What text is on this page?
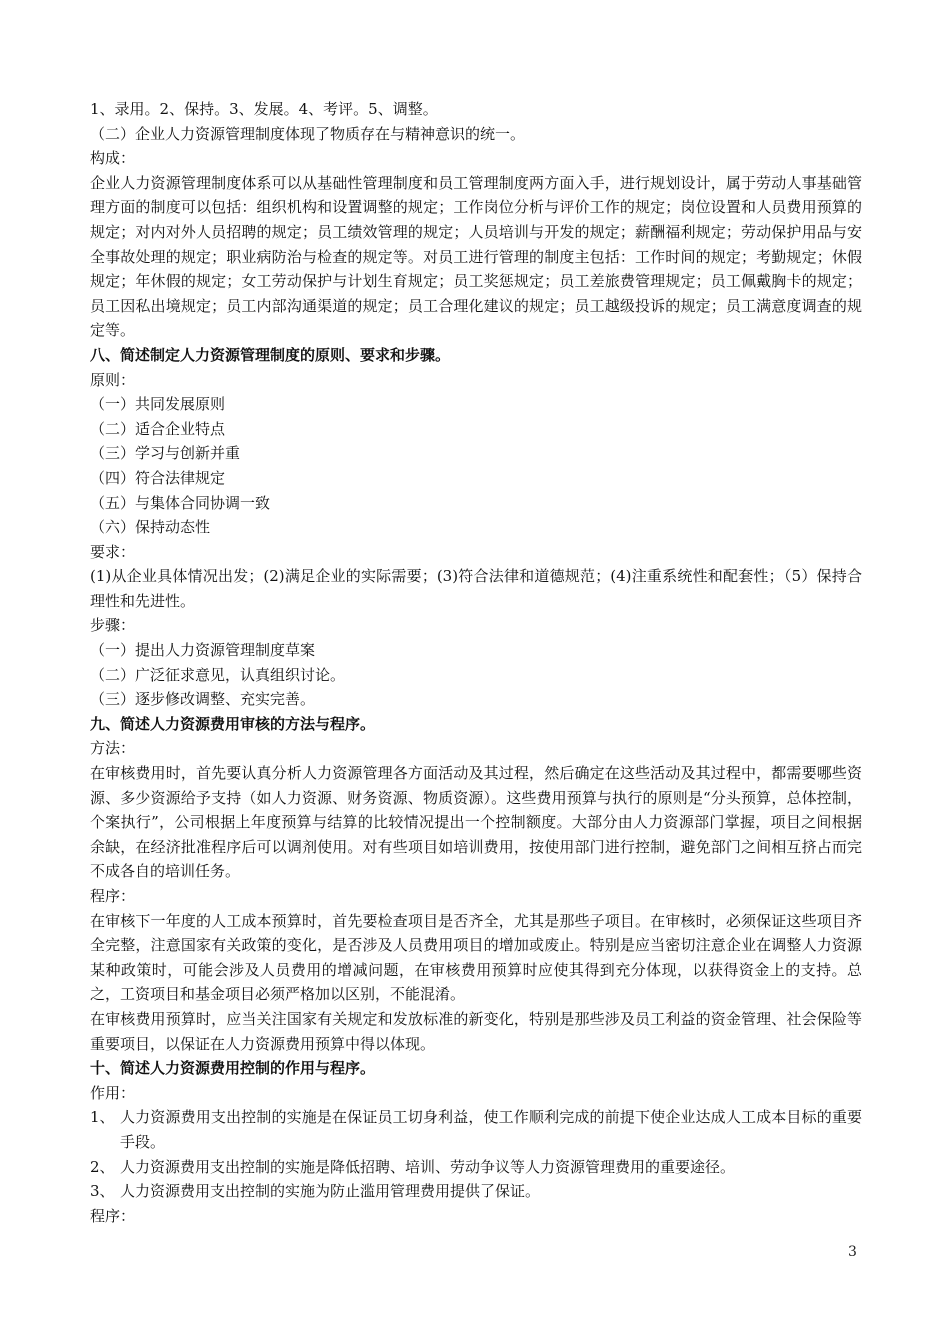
1、录用。2、保持。3、发展。4、考评。5、调整。

（二）企业人力资源管理制度体现了物质存在与精神意识的统一。

构成：

企业人力资源管理制度体系可以从基础性管理制度和员工管理制度两方面入手，进行规划设计，属于劳动人事基础管理方面的制度可以包括：组织机构和设置调整的规定；工作岗位分析与评价工作的规定；岗位设置和人员费用预算的规定；对内对外人员招聘的规定；员工绩效管理的规定；人员培训与开发的规定；薪酬福利规定；劳动保护用品与安全事故处理的规定；职业病防治与检查的规定等。对员工进行管理的制度主包括：工作时间的规定；考勤规定；休假规定；年休假的规定；女工劳动保护与计划生育规定；员工奖惩规定；员工差旅费管理规定；员工佩戴胸卡的规定；员工因私出境规定；员工内部沟通渠道的规定；员工合理化建议的规定；员工越级投诉的规定；员工满意度调查的规定等。

八、简述制定人力资源管理制度的原则、要求和步骤。

原则：

（一）共同发展原则

（二）适合企业特点

（三）学习与创新并重

（四）符合法律规定

（五）与集体合同协调一致

（六）保持动态性

要求：

(1)从企业具体情况出发；(2)满足企业的实际需要；(3)符合法律和道德规范；(4)注重系统性和配套性；（5）保持合理性和先进性。

步骤：

（一）提出人力资源管理制度草案

（二）广泛征求意见，认真组织讨论。

（三）逐步修改调整、充实完善。

九、简述人力资源费用审核的方法与程序。

方法：

在审核费用时，首先要认真分析人力资源管理各方面活动及其过程，然后确定在这些活动及其过程中，都需要哪些资源、多少资源给予支持（如人力资源、财务资源、物质资源）。这些费用预算与执行的原则是“分头预算，总体控制，个案执行”，公司根据上年度预算与结算的比较情况提出一个控制额度。大部分由人力资源部门掌握，项目之间根据余缺，在经济批准程序后可以调剂使用。对有些项目如培训费用，按使用部门进行控制，避免部门之间相互挤占而完不成各自的培训任务。

程序：

在审核下一年度的人工成本预算时，首先要检查项目是否齐全，尤其是那些子项目。在审核时，必须保证这些项目齐全完整，注意国家有关政策的变化，是否涉及人员费用项目的增加或废止。特别是应当密切注意企业在调整人力资源某种政策时，可能会涉及人员费用的增减问题，在审核费用预算时应使其得到充分体现，以获得资金上的支持。总之，工资项目和基金项目必须严格加以区别，不能混淆。

在审核费用预算时，应当关注国家有关规定和发放标准的新变化，特别是那些涉及员工利益的资金管理、社会保险等重要项目，以保证在人力资源费用预算中得以体现。

十、简述人力资源费用控制的作用与程序。

作用：

1、 人力资源费用支出控制的实施是在保证员工切身利益，使工作顺利完成的前提下使企业达成人工成本目标的重要手段。
2、 人力资源费用支出控制的实施是降低招聘、培训、劳动争议等人力资源管理费用的重要途径。
3、 人力资源费用支出控制的实施为防止滥用管理费用提供了保证。

程序：

3
